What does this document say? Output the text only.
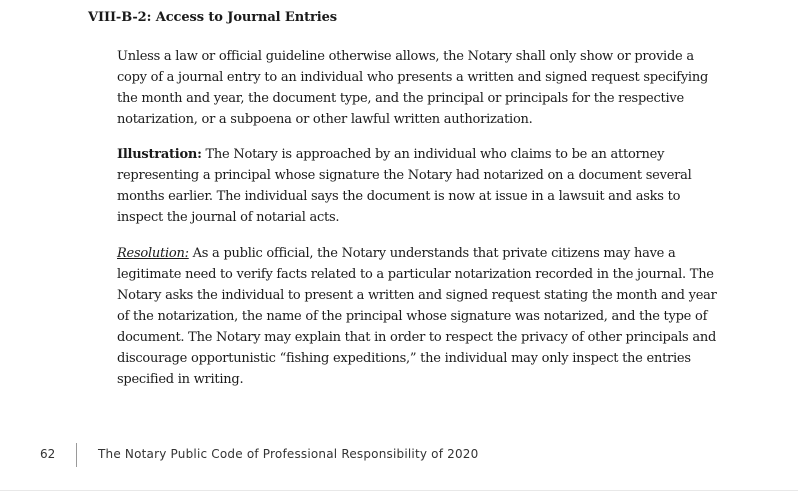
VIII-B-2: Access to Journal Entries

Unless a law or official guideline otherwise allows, the Notary shall only show or provide a copy of a journal entry to an individual who presents a written and signed request specifying the month and year, the document type, and the principal or principals for the respective notarization, or a subpoena or other lawful written authorization.

Illustration: The Notary is approached by an individual who claims to be an attorney representing a principal whose signature the Notary had notarized on a document several months earlier. The individual says the document is now at issue in a lawsuit and asks to inspect the journal of notarial acts.

Resolution: As a public official, the Notary understands that private citizens may have a legitimate need to verify facts related to a particular notarization recorded in the journal. The Notary asks the individual to present a written and signed request stating the month and year of the notarization, the name of the principal whose signature was notarized, and the type of document. The Notary may explain that in order to respect the privacy of other principals and discourage opportunistic “fishing expeditions,” the individual may only inspect the entries specified in writing.

62	The Notary Public Code of Professional Responsibility of 2020
